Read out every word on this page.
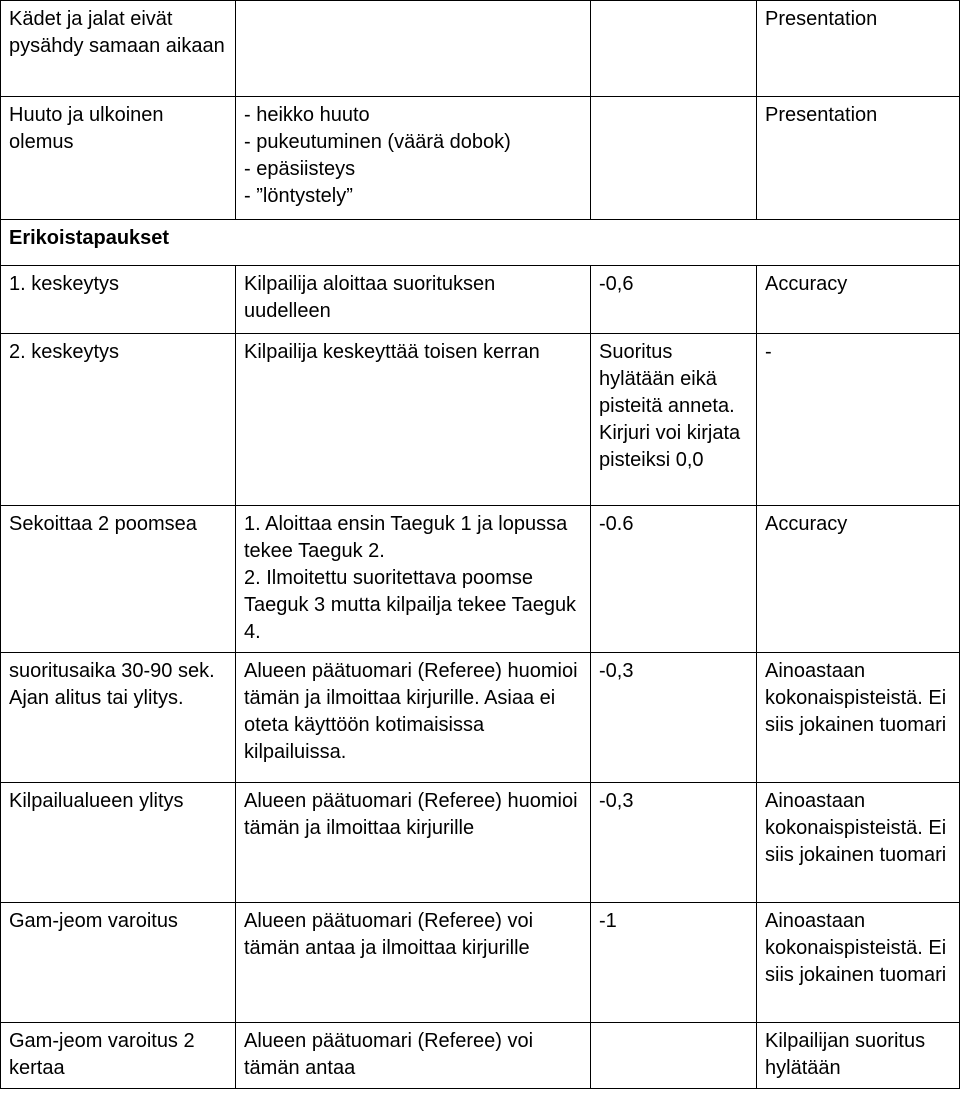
Kädet ja jalat eivät pysähdy samaan aikaan			Presentation
Huuto ja ulkoinen olemus	- heikko huuto
- pukeutuminen (väärä dobok)
- epäsiisteys
- ”löntystely”		Presentation
Erikoistapaukset			
1. keskeytys	Kilpailija aloittaa suorituksen uudelleen	-0,6	Accuracy
2. keskeytys	Kilpailija keskeyttää toisen kerran	Suoritus hylätään eikä pisteitä anneta. Kirjuri voi kirjata pisteiksi 0,0	-
Sekoittaa 2 poomsea	1. Aloittaa ensin Taeguk 1 ja lopussa tekee Taeguk 2.
2. Ilmoitettu suoritettava poomse Taeguk 3 mutta kilpailja tekee Taeguk 4.	-0.6	Accuracy
suoritusaika 30-90 sek. Ajan alitus tai ylitys.	Alueen päätuomari (Referee) huomioi tämän ja ilmoittaa kirjurille. Asiaa ei oteta käyttöön kotimaisissa kilpailuissa.	-0,3	Ainoastaan kokonaispisteistä. Ei siis jokainen tuomari
Kilpailualueen ylitys	Alueen päätuomari (Referee) huomioi tämän ja ilmoittaa kirjurille	-0,3	Ainoastaan kokonaispisteistä. Ei siis jokainen tuomari
Gam-jeom varoitus	Alueen päätuomari (Referee) voi tämän antaa ja ilmoittaa kirjurille	-1	Ainoastaan kokonaispisteistä. Ei siis jokainen tuomari
Gam-jeom varoitus 2 kertaa	Alueen päätuomari (Referee) voi tämän antaa		Kilpailijan suoritus hylätään
